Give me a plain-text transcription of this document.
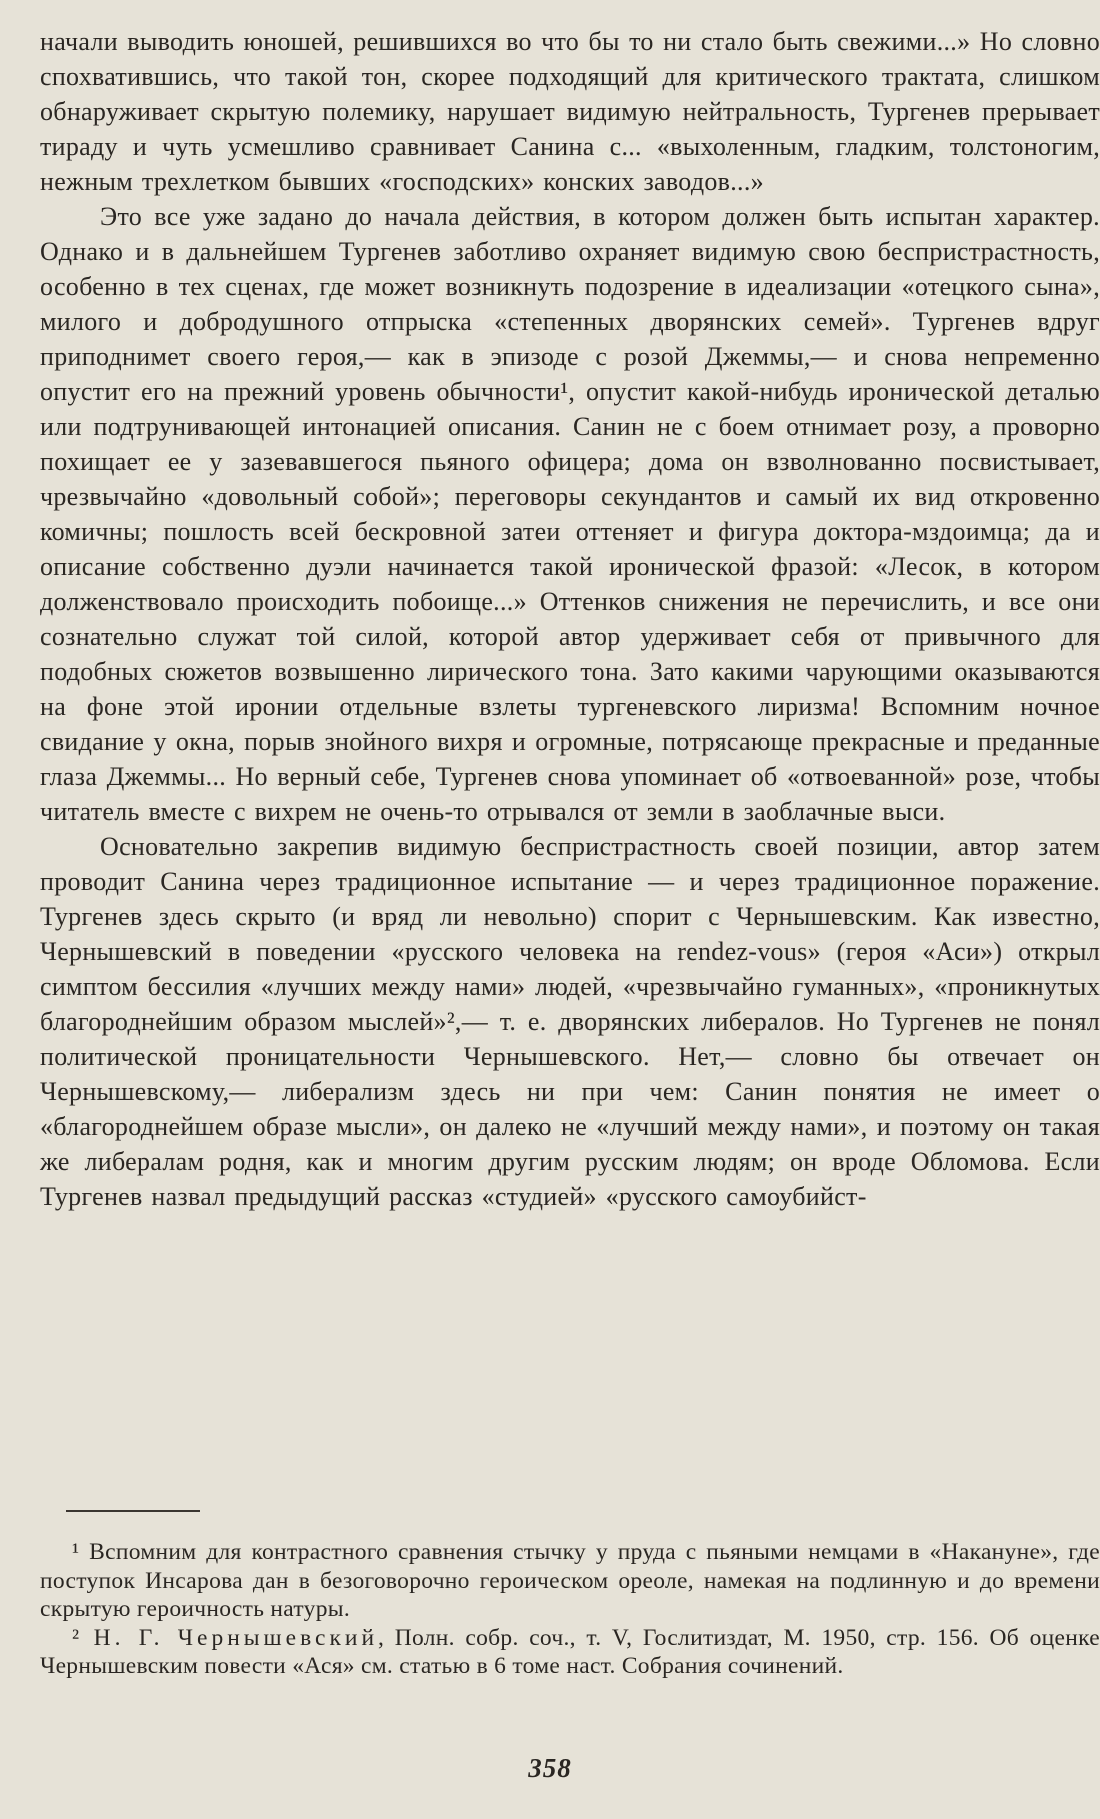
начали выводить юношей, решившихся во что бы то ни стало быть свежими...» Но словно спохватившись, что такой тон, скорее подходящий для критического трактата, слишком обнаруживает скрытую полемику, нарушает видимую нейтральность, Тургенев прерывает тираду и чуть усмешливо сравнивает Санина с... «выхоленным, гладким, толстоногим, нежным трехлетком бывших «господских» конских заводов...»

Это все уже задано до начала действия, в котором должен быть испытан характер. Однако и в дальнейшем Тургенев заботливо охраняет видимую свою беспристрастность, особенно в тех сценах, где может возникнуть подозрение в идеализации «отецкого сына», милого и добродушного отпрыска «степенных дворянских семей». Тургенев вдруг приподнимет своего героя,— как в эпизоде с розой Джеммы,— и снова непременно опустит его на прежний уровень обычности¹, опустит какой-нибудь иронической деталью или подтрунивающей интонацией описания. Санин не с боем отнимает розу, а проворно похищает ее у зазевавшегося пьяного офицера; дома он взволнованно посвистывает, чрезвычайно «довольный собой»; переговоры секундантов и самый их вид откровенно комичны; пошлость всей бескровной затеи оттеняет и фигура доктора-мздоимца; да и описание собственно дуэли начинается такой иронической фразой: «Лесок, в котором долженствовало происходить побоище...» Оттенков снижения не перечислить, и все они сознательно служат той силой, которой автор удерживает себя от привычного для подобных сюжетов возвышенно лирического тона. Зато какими чарующими оказываются на фоне этой иронии отдельные взлеты тургеневского лиризма! Вспомним ночное свидание у окна, порыв знойного вихря и огромные, потрясающе прекрасные и преданные глаза Джеммы... Но верный себе, Тургенев снова упоминает об «отвоеванной» розе, чтобы читатель вместе с вихрем не очень-то отрывался от земли в заоблачные выси.

Основательно закрепив видимую беспристрастность своей позиции, автор затем проводит Санина через традиционное испытание — и через традиционное поражение. Тургенев здесь скрыто (и вряд ли невольно) спорит с Чернышевским. Как известно, Чернышевский в поведении «русского человека на rendez-vous» (героя «Аси») открыл симптом бессилия «лучших между нами» людей, «чрезвычайно гуманных», «проникнутых благороднейшим образом мыслей»²,— т. е. дворянских либералов. Но Тургенев не понял политической проницательности Чернышевского. Нет,— словно бы отвечает он Чернышевскому,— либерализм здесь ни при чем: Санин понятия не имеет о «благороднейшем образе мысли», он далеко не «лучший между нами», и поэтому он такая же либералам родня, как и многим другим русским людям; он вроде Обломова. Если Тургенев назвал предыдущий рассказ «студией» «русского самоубийст-

¹ Вспомним для контрастного сравнения стычку у пруда с пьяными немцами в «Накануне», где поступок Инсарова дан в безоговорочно героическом ореоле, намекая на подлинную и до времени скрытую героичность натуры.

² Н. Г. Чернышевский, Полн. собр. соч., т. V, Гослитиздат, М. 1950, стр. 156. Об оценке Чернышевским повести «Ася» см. статью в 6 томе наст. Собрания сочинений.

358
